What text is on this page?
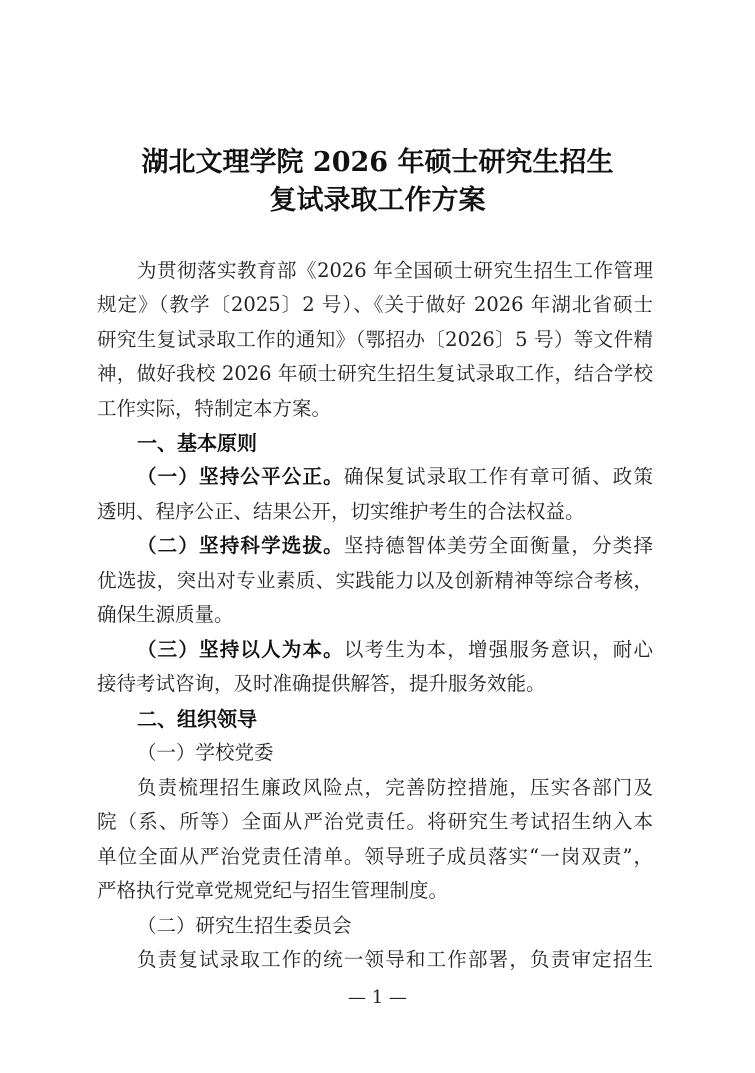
湖北文理学院 2026 年硕士研究生招生
复试录取工作方案
为贯彻落实教育部《2026 年全国硕士研究生招生工作管理
规定》（教学〔2025〕2 号）、《关于做好 2026 年湖北省硕士
研究生复试录取工作的通知》（鄂招办〔2026〕5 号）等文件精
神，做好我校 2026 年硕士研究生招生复试录取工作，结合学校
工作实际，特制定本方案。
一、基本原则
（一）坚持公平公正。确保复试录取工作有章可循、政策
透明、程序公正、结果公开，切实维护考生的合法权益。
（二）坚持科学选拔。坚持德智体美劳全面衡量，分类择
优选拔，突出对专业素质、实践能力以及创新精神等综合考核，
确保生源质量。
（三）坚持以人为本。以考生为本，增强服务意识，耐心
接待考试咨询，及时准确提供解答，提升服务效能。
二、组织领导
（一）学校党委
负责梳理招生廉政风险点，完善防控措施，压实各部门及
院（系、所等）全面从严治党责任。将研究生考试招生纳入本
单位全面从严治党责任清单。领导班子成员落实“一岗双责”，
严格执行党章党规党纪与招生管理制度。
（二）研究生招生委员会
负责复试录取工作的统一领导和工作部署，负责审定招生
— 1 —
